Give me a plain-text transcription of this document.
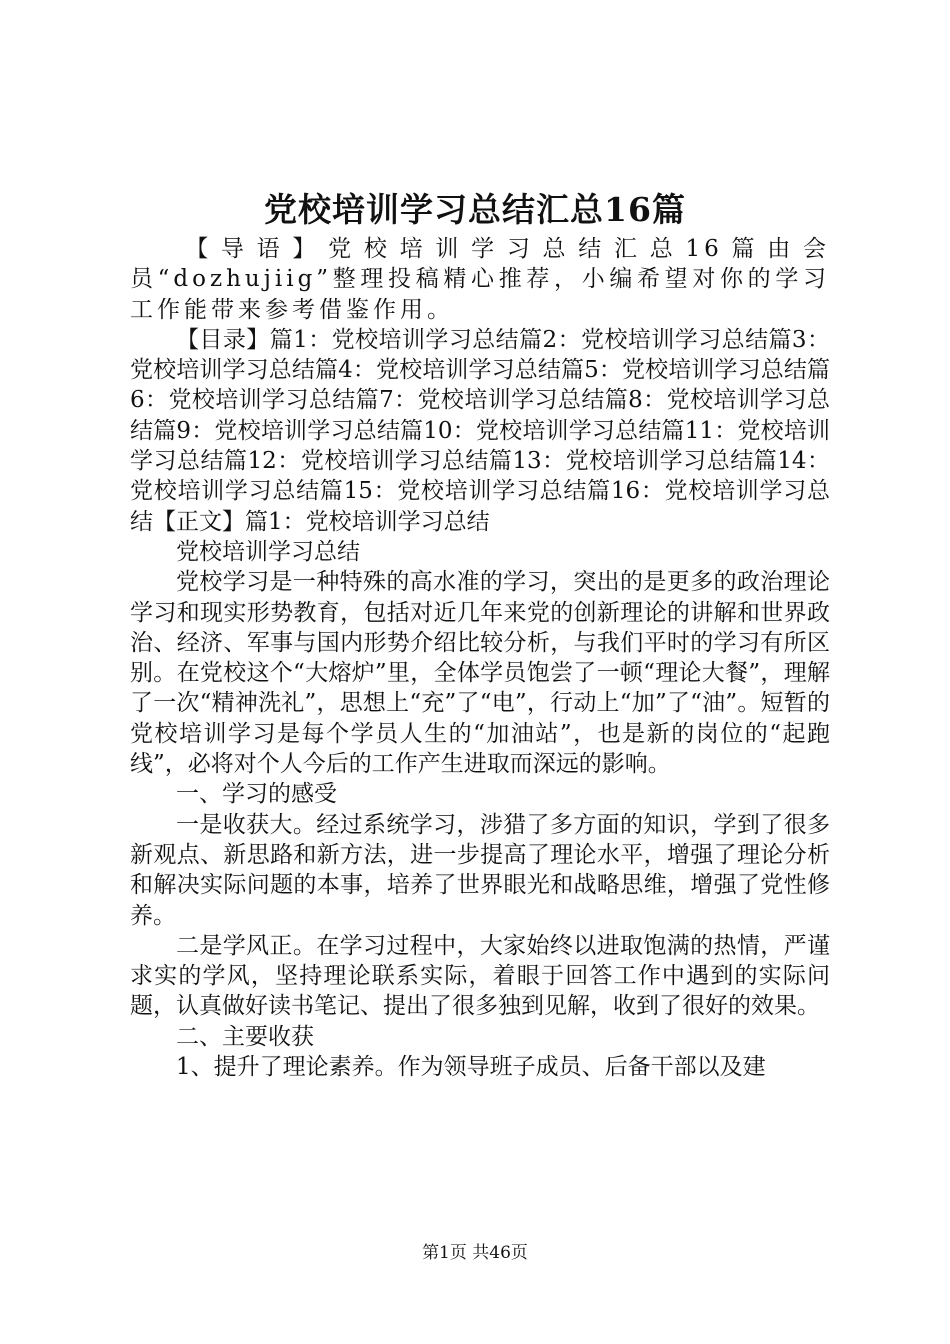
党校培训学习总结汇总16篇

【导语】党校培训学习总结汇总16篇由会员“dozhujiig”整理投稿精心推荐，小编希望对你的学习工作能带来参考借鉴作用。

【目录】篇1：党校培训学习总结篇2：党校培训学习总结篇3：党校培训学习总结篇4：党校培训学习总结篇5：党校培训学习总结篇6：党校培训学习总结篇7：党校培训学习总结篇8：党校培训学习总结篇9：党校培训学习总结篇10：党校培训学习总结篇11：党校培训学习总结篇12：党校培训学习总结篇13：党校培训学习总结篇14：党校培训学习总结篇15：党校培训学习总结篇16：党校培训学习总结【正文】篇1：党校培训学习总结

党校培训学习总结

党校学习是一种特殊的高水准的学习，突出的是更多的政治理论学习和现实形势教育，包括对近几年来党的创新理论的讲解和世界政治、经济、军事与国内形势介绍比较分析，与我们平时的学习有所区别。在党校这个“大熔炉”里，全体学员饱尝了一顿“理论大餐”，理解了一次“精神洗礼”，思想上“充”了“电”，行动上“加”了“油”。短暂的党校培训学习是每个学员人生的“加油站”，也是新的岗位的“起跑线”，必将对个人今后的工作产生进取而深远的影响。

一、学习的感受

一是收获大。经过系统学习，涉猎了多方面的知识，学到了很多新观点、新思路和新方法，进一步提高了理论水平，增强了理论分析和解决实际问题的本事，培养了世界眼光和战略思维，增强了党性修养。

二是学风正。在学习过程中，大家始终以进取饱满的热情，严谨求实的学风，坚持理论联系实际，着眼于回答工作中遇到的实际问题，认真做好读书笔记、提出了很多独到见解，收到了很好的效果。

二、主要收获

1、提升了理论素养。作为领导班子成员、后备干部以及建

第1页 共46页
